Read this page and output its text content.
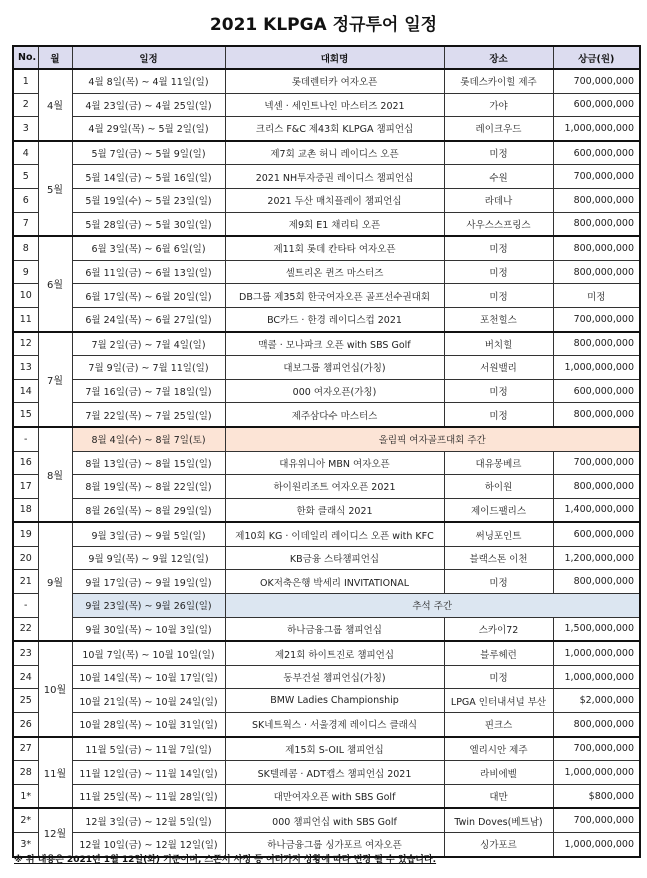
2021 KLPGA 정규투어 일정
No.	월	일정	대회명	장소	상금(원)
1	4월	4월 8일(목) ~ 4월 11일(일)	롯데렌터카 여자오픈	롯데스카이힐 제주	700,000,000
2		4월 23일(금) ~ 4월 25일(일)	넥센 · 세인트나인 마스터즈 2021	가야	600,000,000
3		4월 29일(목) ~ 5월 2일(일)	크리스 F&C 제43회 KLPGA 챔피언십	레이크우드	1,000,000,000
4	5월	5월 7일(금) ~ 5월 9일(일)	제7회 교촌 허니 레이디스 오픈	미정	600,000,000
5		5월 14일(금) ~ 5월 16일(일)	2021 NH투자증권 레이디스 챔피언십	수원	700,000,000
6		5월 19일(수) ~ 5월 23일(일)	2021 두산 매치플레이 챔피언십	라데나	800,000,000
7		5월 28일(금) ~ 5월 30일(일)	제9회 E1 채리티 오픈	사우스스프링스	800,000,000
8	6월	6월 3일(목) ~ 6월 6일(일)	제11회 롯데 칸타타 여자오픈	미정	800,000,000
9		6월 11일(금) ~ 6월 13일(일)	셀트리온 퀸즈 마스터즈	미정	800,000,000
10		6월 17일(목) ~ 6월 20일(일)	DB그룹 제35회 한국여자오픈 골프선수권대회	미정	미정
11		6월 24일(목) ~ 6월 27일(일)	BC카드 · 한경 레이디스컵 2021	포천힐스	700,000,000
12	7월	7월 2일(금) ~ 7월 4일(일)	맥콜 · 모나파크 오픈 with SBS Golf	버치힐	800,000,000
13		7월 9일(금) ~ 7월 11일(일)	대보그룹 챔피언십(가칭)	서원밸리	1,000,000,000
14		7월 16일(금) ~ 7월 18일(일)	000 여자오픈(가칭)	미정	600,000,000
15		7월 22일(목) ~ 7월 25일(일)	제주삼다수 마스터스	미정	800,000,000
-	8월	8월 4일(수) ~ 8월 7일(토)	올림픽 여자골프대회 주간		
16		8월 13일(금) ~ 8월 15일(일)	대유위니아 MBN 여자오픈	대유몽베르	700,000,000
17		8월 19일(목) ~ 8월 22일(일)	하이원리조트 여자오픈 2021	하이원	800,000,000
18		8월 26일(목) ~ 8월 29일(일)	한화 클래식 2021	제이드팰리스	1,400,000,000
19	9월	9월 3일(금) ~ 9월 5일(일)	제10회 KG · 이데일리 레이디스 오픈 with KFC	써닝포인트	600,000,000
20		9월 9일(목) ~ 9월 12일(일)	KB금융 스타챔피언십	블랙스톤 이천	1,200,000,000
21		9월 17일(금) ~ 9월 19일(일)	OK저축은행 박세리 INVITATIONAL	미정	800,000,000
-		9월 23일(목) ~ 9월 26일(일)	추석 주간		
22		9월 30일(목) ~ 10월 3일(일)	하나금융그룹 챔피언십	스카이72	1,500,000,000
23	10월	10월 7일(목) ~ 10월 10일(일)	제21회 하이트진로 챔피언십	블루헤런	1,000,000,000
24		10월 14일(목) ~ 10월 17일(일)	동부건설 챔피언십(가칭)	미정	1,000,000,000
25		10월 21일(목) ~ 10월 24일(일)	BMW Ladies Championship	LPGA 인터내셔널 부산	$2,000,000
26		10월 28일(목) ~ 10월 31일(일)	SK네트웍스 · 서울경제 레이디스 클래식	핀크스	800,000,000
27	11월	11월 5일(금) ~ 11월 7일(일)	제15회 S-OIL 챔피언십	엘리시안 제주	700,000,000
28		11월 12일(금) ~ 11월 14일(일)	SK텔레콤 · ADT캡스 챔피언십 2021	라비에벨	1,000,000,000
1*		11월 25일(목) ~ 11월 28일(일)	대만여자오픈 with SBS Golf	대만	$800,000
2*	12월	12월 3일(금) ~ 12월 5일(일)	000 챔피언십 with SBS Golf	Twin Doves(베트남)	700,000,000
3*		12월 10일(금) ~ 12월 12일(일)	하나금융그룹 싱가포르 여자오픈	싱가포르	1,000,000,000
※ 위 내용은 2021년 1월 12일(화) 기준이며, 스폰서 사정 등 여러가지 상황에 따라 변경 될 수 있습니다.
